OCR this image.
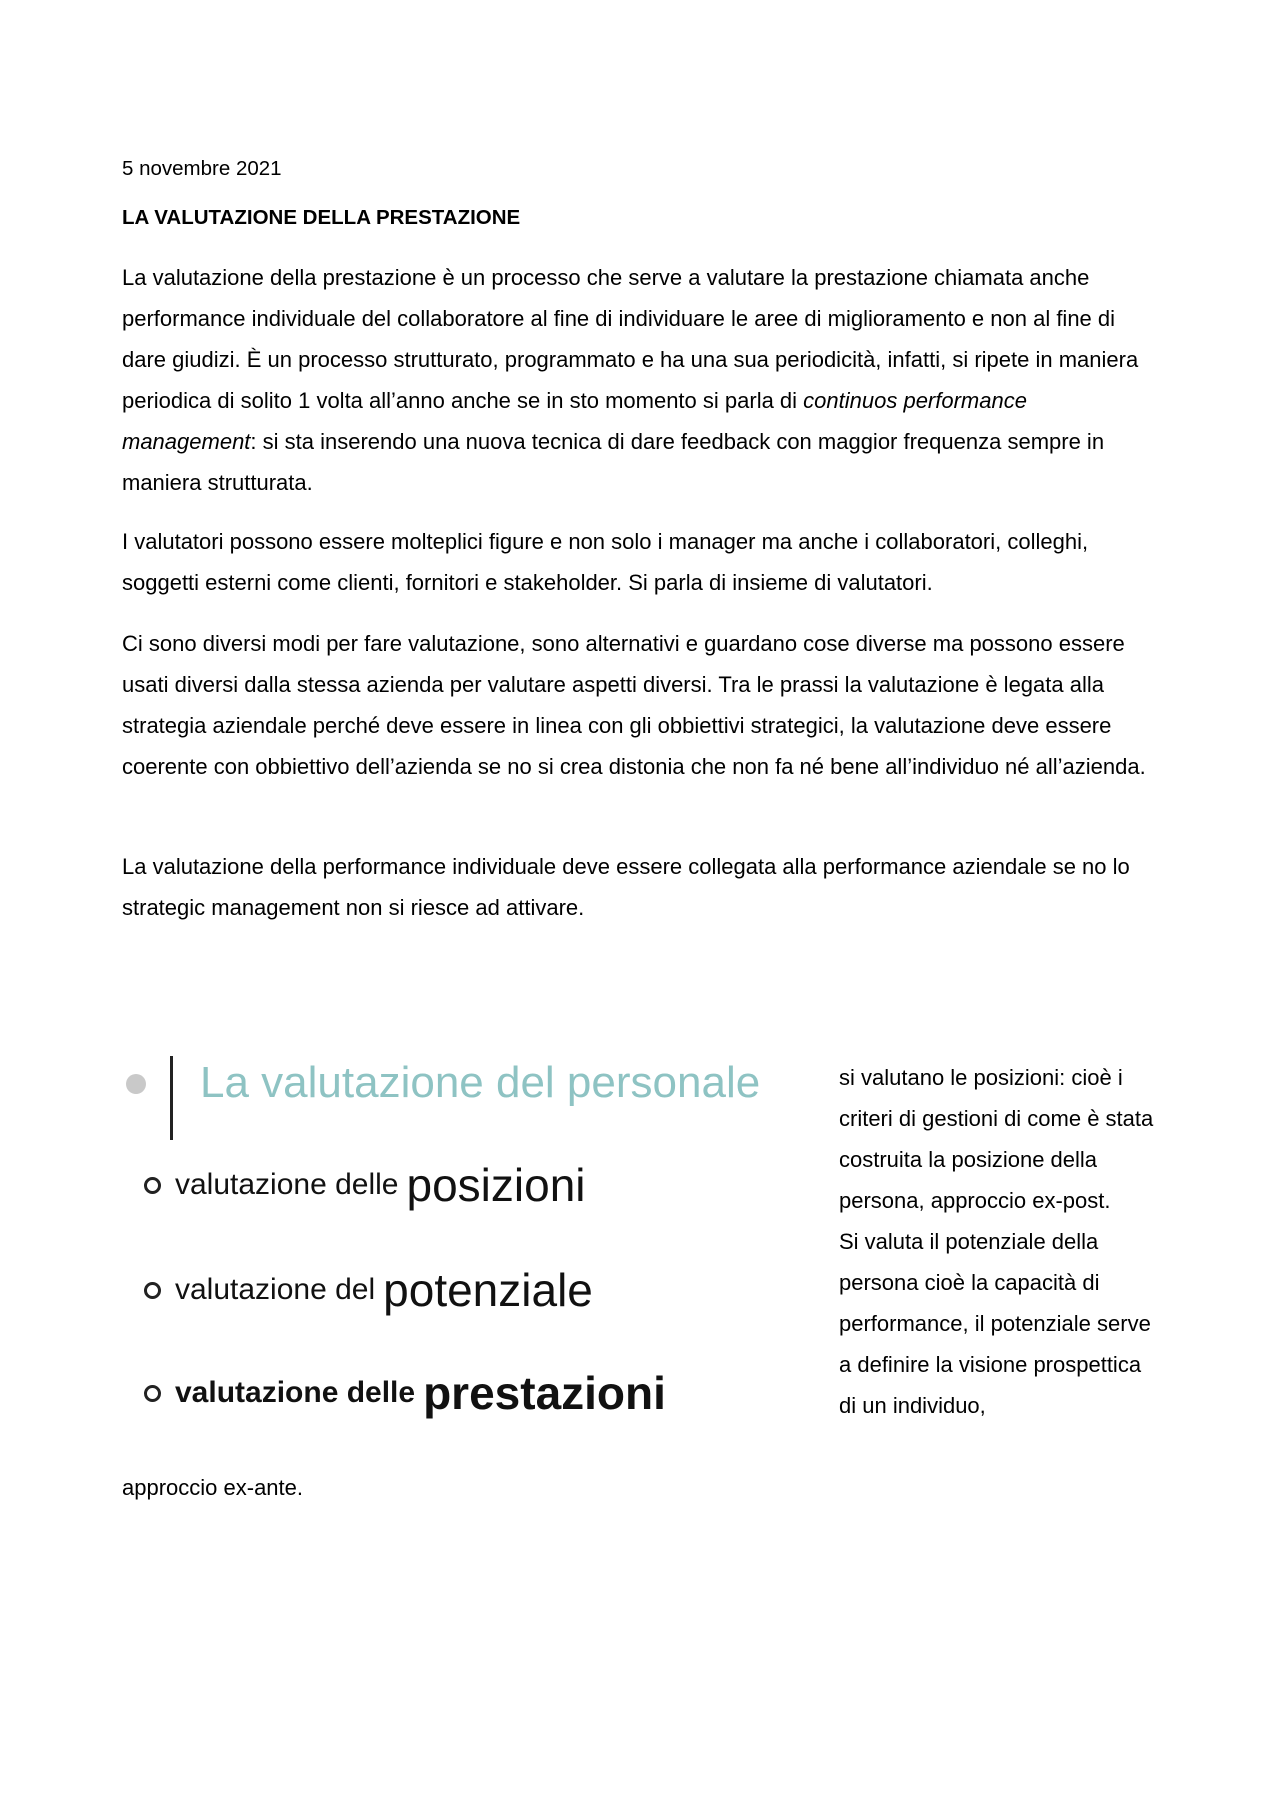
5 novembre 2021
LA VALUTAZIONE DELLA PRESTAZIONE

La valutazione della prestazione è un processo che serve a valutare la prestazione chiamata anche performance individuale del collaboratore al fine di individuare le aree di miglioramento e non al fine di dare giudizi. È un processo strutturato, programmato e ha una sua periodicità, infatti, si ripete in maniera periodica di solito 1 volta all’anno anche se in sto momento si parla di continuos performance management: si sta inserendo una nuova tecnica di dare feedback con maggior frequenza sempre in maniera strutturata.

I valutatori possono essere molteplici figure e non solo i manager ma anche i collaboratori, colleghi, soggetti esterni come clienti, fornitori e stakeholder. Si parla di insieme di valutatori.

Ci sono diversi modi per fare valutazione, sono alternativi e guardano cose diverse ma possono essere usati diversi dalla stessa azienda per valutare aspetti diversi. Tra le prassi la valutazione è legata alla strategia aziendale perché deve essere in linea con gli obbiettivi strategici, la valutazione deve essere coerente con obbiettivo dell’azienda se no si crea distonia che non fa né bene all’individuo né all’azienda.

La valutazione della performance individuale deve essere collegata alla performance aziendale se no lo strategic management non si riesce ad attivare.

La valutazione del personale
valutazione delle posizioni
valutazione del potenziale
valutazione delle prestazioni
si valutano le posizioni: cioè i criteri di gestioni di come è stata costruita la posizione della persona, approccio ex-post.
Si valuta il potenziale della persona cioè la capacità di performance, il potenziale serve a definire la visione prospettica di un individuo,
approccio ex-ante.
